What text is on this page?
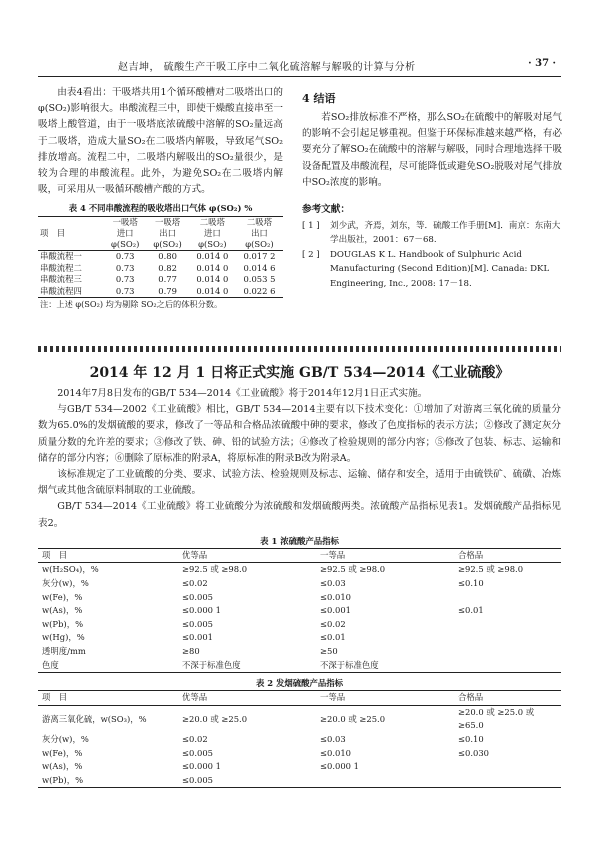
赵吉坤， 硫酸生产干吸工序中二氧化硫溶解与解吸的计算与分析	· 37 ·

由表4看出：干吸塔共用1个循环酸槽对二吸塔出口的φ(SO₂)影响很大。串酸流程三中，即使干燥酸直接串至一吸塔上酸管道，由于一吸塔底浓硫酸中溶解的SO₂量远高于二吸塔，造成大量SO₂在二吸塔内解吸，导致尾气SO₂排放增高。流程二中，二吸塔内解吸出的SO₂量很少，是较为合理的串酸流程。此外，为避免SO₂在二吸塔内解吸，可采用从一吸循环酸槽产酸的方式。

表 4 不同串酸流程的吸收塔出口气体 φ(SO₂) %
项　目	一吸塔
进口
φ(SO₂)	一吸塔
出口
φ(SO₂)	二吸塔
进口
φ(SO₂)	二吸塔
出口
φ(SO₂)
串酸流程一	0.73	0.80	0.014 0	0.017 2
串酸流程二	0.73	0.82	0.014 0	0.014 6
串酸流程三	0.73	0.77	0.014 0	0.053 5
串酸流程四	0.73	0.79	0.014 0	0.022 6
注：上述 φ(SO₂) 均为剔除 SO₂之后的体积分数。				
4 结语

若SO₂排放标准不严格，那么SO₂在硫酸中的解吸对尾气的影响不会引起足够重视。但鉴于环保标准越来越严格，有必要充分了解SO₂在硫酸中的溶解与解吸，同时合理地选择干吸设备配置及串酸流程，尽可能降低或避免SO₂脱吸对尾气排放中SO₂浓度的影响。

参考文献：
[ 1 ]	刘少武，齐焉，刘东，等．硫酸工作手册[M]．南京：东南大学出版社，2001：67－68.
[ 2 ]	DOUGLAS K L. Handbook of Sulphuric Acid Manufacturing (Second Edition)[M]. Canada: DKL Engineering, Inc., 2008: 17－18.
2014 年 12 月 1 日将正式实施 GB/T 534—2014《工业硫酸》

2014年7月8日发布的GB/T 534—2014《工业硫酸》将于2014年12月1日正式实施。

与GB/T 534—2002《工业硫酸》相比，GB/T 534—2014主要有以下技术变化：①增加了对游离三氧化硫的质量分数为65.0%的发烟硫酸的要求，修改了一等品和合格品浓硫酸中砷的要求，修改了色度指标的表示方法；②修改了测定灰分质量分数的允许差的要求；③修改了铁、砷、铅的试验方法；④修改了检验规则的部分内容；⑤修改了包装、标志、运输和储存的部分内容；⑥删除了原标准的附录A，将原标准的附录B改为附录A。

该标准规定了工业硫酸的分类、要求、试验方法、检验规则及标志、运输、储存和安全，适用于由硫铁矿、硫磺、冶炼烟气或其他含硫原料制取的工业硫酸。

GB/T 534—2014《工业硫酸》将工业硫酸分为浓硫酸和发烟硫酸两类。浓硫酸产品指标见表1。发烟硫酸产品指标见表2。

表 1 浓硫酸产品指标
项　目	优等品	一等品	合格品
w(H₂SO₄)，%	≥92.5 或 ≥98.0	≥92.5 或 ≥98.0	≥92.5 或 ≥98.0
灰分(w)，%	≤0.02	≤0.03	≤0.10
w(Fe)，%	≤0.005	≤0.010	
w(As)，%	≤0.000 1	≤0.001	≤0.01
w(Pb)，%	≤0.005	≤0.02	
w(Hg)，%	≤0.001	≤0.01	
透明度/mm	≥80	≥50	
色度	不深于标准色度	不深于标准色度	
表 2 发烟硫酸产品指标
项　目	优等品	一等品	合格品
游离三氧化硫，w(SO₃)，%	≥20.0 或 ≥25.0	≥20.0 或 ≥25.0	≥20.0 或 ≥25.0 或 ≥65.0
灰分(w)，%	≤0.02	≤0.03	≤0.10
w(Fe)，%	≤0.005	≤0.010	≤0.030
w(As)，%	≤0.000 1	≤0.000 1	
w(Pb)，%	≤0.005		
